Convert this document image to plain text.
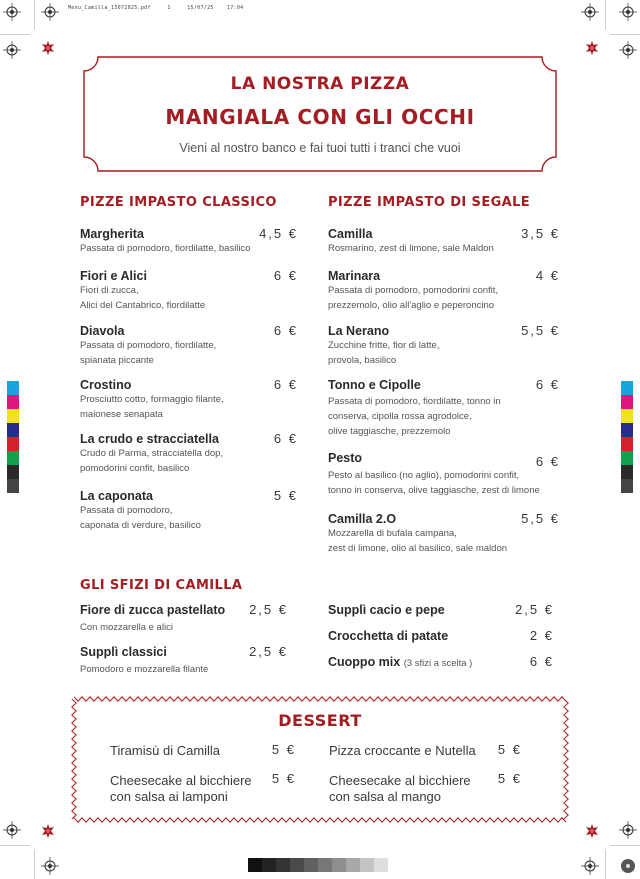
Menu_Camilla_15072025.pdf	1	15/07/25	17:04
LA NOSTRA PIZZA
MANGIALA CON GLI OCCHI
Vieni al nostro banco e fai tuoi tutti i tranci che vuoi
PIZZE IMPASTO CLASSICO
Margherita
Passata di pomodoro, fiordilatte, basilico
4,5 €
Fiori e Alici
Fiori di zucca,
Alici del Cantabrico, fiordilatte
6 €
Diavola
Passata di pomodoro, fiordilatte,
spianata piccante
6 €
Crostino
Prosciutto cotto, formaggio filante,
maionese senapata
6 €
La crudo e stracciatella
Crudo di Parma, stracciatella dop,
pomodorini confit, basilico
6 €
La caponata
Passata di pomodoro,
caponata di verdure, basilico
5 €
PIZZE IMPASTO DI SEGALE
Camilla
Rosmarino, zest di limone, sale Maldon
3,5 €
Marinara
Passata di pomodoro, pomodorini confit,
prezzemolo, olio all'aglio e peperoncino
4 €
La Nerano
Zucchine fritte, fior di latte,
provola, basilico
5,5 €
Tonno e Cipolle
Passata di pomodoro, fiordilatte, tonno in
conserva, cipolla rossa agrodolce,
olive taggiasche, prezzemolo
6 €
Pesto
Pesto al basilico (no aglio), pomodorini confit,
tonno in conserva, olive taggiasche, zest di limone
6 €
Camilla 2.O
Mozzarella di bufala campana,
zest di limone, olio al basilico, sale maldon
5,5 €
GLI SFIZI DI CAMILLA
Fiore di zucca pastellato
Con mozzarella e alici
2,5 €
Supplì classici
Pomodoro e mozzarella filante
2,5 €
Supplì cacio e pepe	2,5 €
Crocchetta di patate	2 €
Cuoppo mix (3 sfizi a scelta )	6 €
DESSERT
Tiramisù di Camilla	5 €
Cheesecake al bicchiere
con salsa ai lamponi
5 €
Pizza croccante e Nutella	5 €
Cheesecake al bicchiere
con salsa al mango
5 €
